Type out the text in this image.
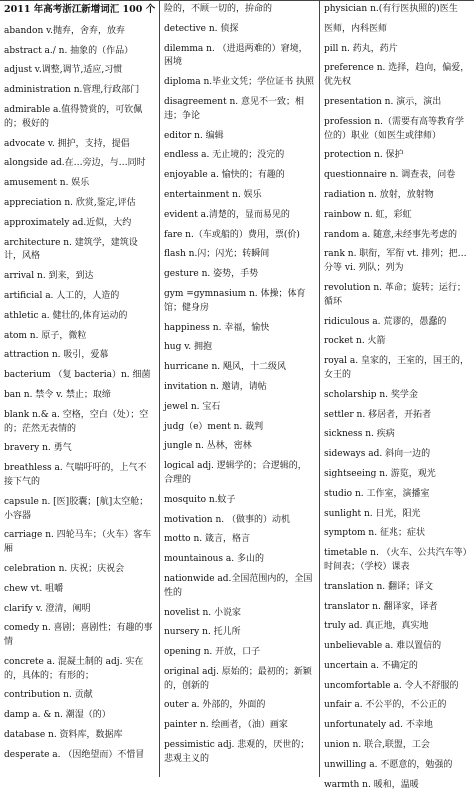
2011 年高考浙江新增词汇 100 个
abandon v.抛弃，舍弃，放弃
abstract a./ n. 抽象的（作品）
adjust v.调整,调节,适应,习惯
administration n.管理,行政部门
admirable a.值得赞赏的，可钦佩的；极好的
advocate v. 拥护，支持，提倡
alongside ad.在…旁边，与…同时
amusement n. 娱乐
appreciation n. 欣赏,鉴定,评估
approximately ad.近似，大约
architecture n. 建筑学，建筑设计，风格
arrival n. 到来，到达
artificial a. 人工的，人造的
athletic a. 健壮的,体育运动的
atom n. 原子，微粒
attraction n. 吸引，爱慕
bacterium （复 bacteria）n. 细菌
ban n. 禁令 v. 禁止；取缔
blank n.& a. 空格，空白（处）；空的；茫然无表情的
bravery n. 勇气
breathless a. 气喘吁吁的，上气不接下气的
capsule n. [医]胶囊；[航]太空舱；小容器
carriage n. 四轮马车；（火车）客车厢
celebration n. 庆祝；庆祝会
chew vt. 咀嚼
clarify v. 澄清，阐明
comedy n. 喜剧；喜剧性；有趣的事情
concrete a. 混凝土制的 adj. 实在的，具体的；有形的；
contribution n. 贡献
damp a. & n. 潮湿（的）
database n. 资料库，数据库
desperate a. （因绝望而）不惜冒
险的，不顾一切的，拚命的
detective n. 侦探
dilemma n. （进退两难的）窘境，困境
diploma n.毕业文凭；学位证书 执照
disagreement n. 意见不一致；相违；争论
editor n. 编辑
endless a. 无止境的；没完的
enjoyable a. 愉快的；有趣的
entertainment n. 娱乐
evident a.清楚的，显而易见的
fare n.（车或船的）费用，票(价)
flash n.闪；闪光；转瞬间
gesture n. 姿势，手势
gym =gymnasium n. 体操；体育馆；健身房
happiness n. 幸福，愉快
hug v. 拥抱
hurricane n. 飓风，十二级风
invitation n. 邀请，请帖
jewel n. 宝石
judg（e）ment n. 裁判
jungle n. 丛林，密林
logical adj. 逻辑学的；合逻辑的，合理的
mosquito n.蚊子
motivation n. （做事的）动机
motto n. 箴言，格言
mountainous a. 多山的
nationwide ad.全国范围内的，全国性的
novelist n. 小说家
nursery n. 托儿所
opening n. 开放，口子
original adj. 原始的；最初的；新颖的，创新的
outer a. 外部的，外面的
painter n. 绘画者，（油）画家
pessimistic adj. 悲观的，厌世的；悲观主义的
physician n.(有行医执照的)医生
医师，内科医师
pill n. 药丸，药片
preference n. 选择，趋向，偏爱，优先权
presentation n. 演示，演出
profession n.（需要有高等教育学位的）职业（如医生或律师）
protection n. 保护
questionnaire n. 调查表，问卷
radiation n. 放射，放射物
rainbow n. 虹，彩虹
random a. 随意,未经事先考虑的
rank n. 职衔，军衔 vt. 排列；把…分等 vi. 列队；列为
revolution n. 革命；旋转；运行；循环
ridiculous a. 荒谬的，愚蠢的
rocket n. 火箭
royal a. 皇家的，王室的，国王的，女王的
scholarship n. 奖学金
settler n. 移居者，开拓者
sickness n. 疾病
sideways ad. 斜向一边的
sightseeing n. 游览，观光
studio n. 工作室，演播室
sunlight n. 日光，阳光
symptom n. 征兆；症状
timetable n. （火车、公共汽车等）时间表；（学校）课表
translation n. 翻译；译文
translator n. 翻译家，译者
truly ad. 真正地，真实地
unbelievable a. 难以置信的
uncertain a. 不确定的
uncomfortable a. 令人不舒服的
unfair a. 不公平的，不公正的
unfortunately ad. 不幸地
union n. 联合,联盟，工会
unwilling a. 不愿意的，勉强的
warmth n. 暖和，温暖
